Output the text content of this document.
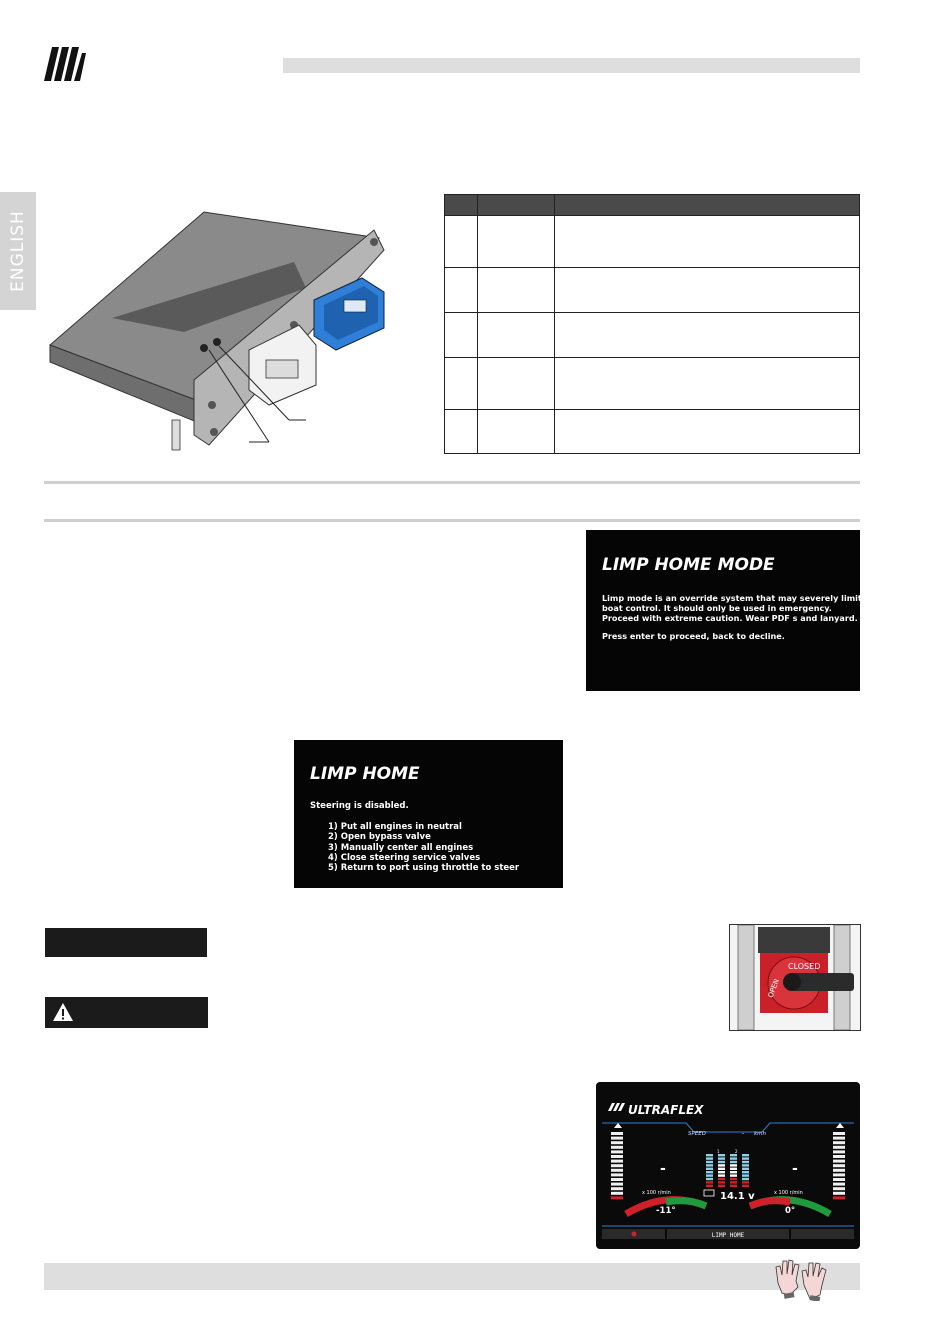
ENGLISH

LIMP HOME MODE
Limp mode is an override system that may severely limit
boat control. It should only be used in emergency.
Proceed with extreme caution. Wear PDF s and lanyard.
Press enter to proceed, back to decline.
LIMP HOME
Steering is disabled.
1) Put all engines in neutral
2) Open bypass valve
3) Manually center all engines
4) Close steering service valves
5) Return to port using throttle to steer
CLOSED
OPEN
ULTRAFLEX
SPEED	- kmh
1	2
-	-
x 100 r/min	x 100 r/min
14.1 v
-11°	0°
LIMP HOME
